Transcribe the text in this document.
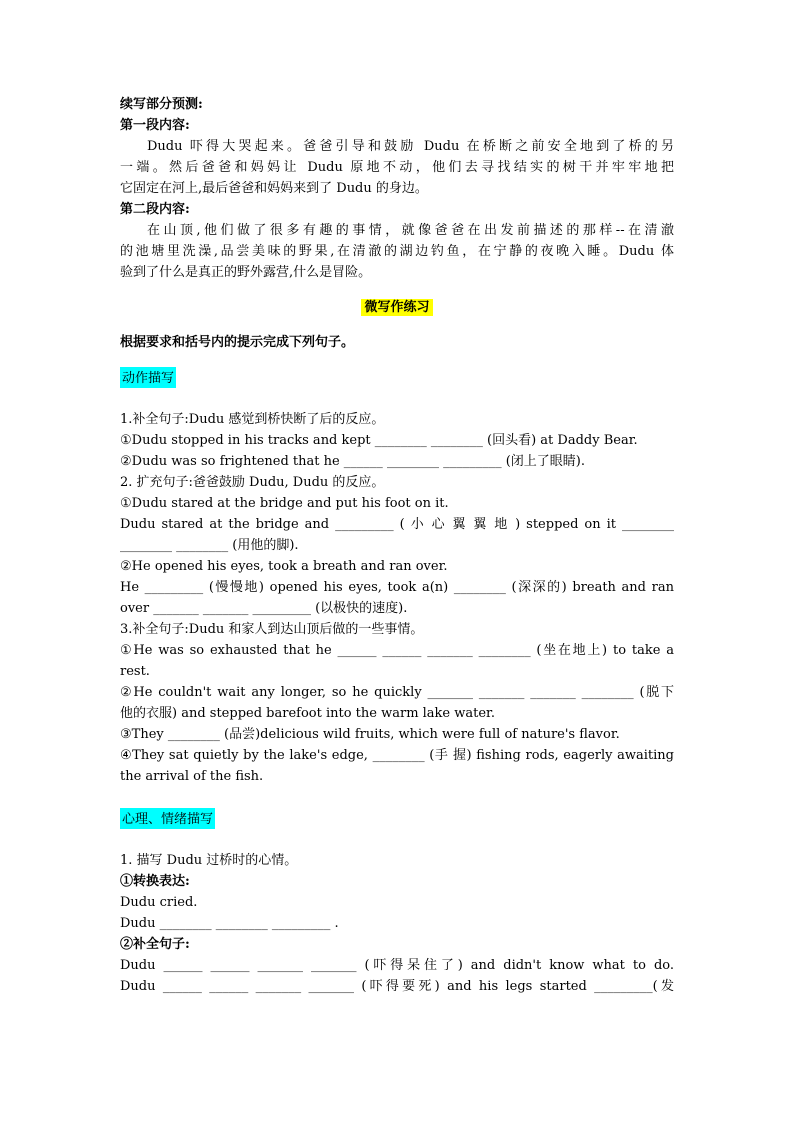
续写部分预测:
第一段内容:
Dudu 吓得大哭起来。爸爸引导和鼓励 Dudu 在桥断之前安全地到了桥的另
一端。然后爸爸和妈妈让 Dudu 原地不动，他们去寻找结实的树干并牢牢地把
它固定在河上,最后爸爸和妈妈来到了 Dudu 的身边。
第二段内容:
在山顶,他们做了很多有趣的事情，就像爸爸在出发前描述的那样--在清澈
的池塘里洗澡,品尝美味的野果,在清澈的湖边钓鱼，在宁静的夜晚入睡。Dudu 体
验到了什么是真正的野外露营,什么是冒险。
微写作练习
根据要求和括号内的提示完成下列句子。
动作描写
1.补全句子:Dudu 感觉到桥快断了后的反应。
①Dudu stopped in his tracks and kept ________ ________ (回头看) at Daddy Bear.
②Dudu was so frightened that he ______ ________ _________ (闭上了眼睛).
2. 扩充句子:爸爸鼓励 Dudu, Dudu 的反应。
①Dudu stared at the bridge and put his foot on it.
Dudu stared at the bridge and _________ ( 小 心 翼 翼 地 ) stepped on it ________
________ ________ (用他的脚).
②He opened his eyes, took a breath and ran over.
He _________ (慢慢地) opened his eyes, took a(n) ________ (深深的) breath and ran
over _______ _______ _________ (以极快的速度).
3.补全句子:Dudu 和家人到达山顶后做的一些事情。
①He was so exhausted that he ______ ______ _______ ________ (坐在地上) to take a
rest.
②He couldn't wait any longer, so he quickly _______ _______ _______ ________ (脱下
他的衣服) and stepped barefoot into the warm lake water.
③They ________ (品尝)delicious wild fruits, which were full of nature's flavor.
④They sat quietly by the lake's edge, ________ (手 握) fishing rods, eagerly awaiting
the arrival of the fish.
心理、情绪描写
1. 描写 Dudu 过桥时的心情。
①转换表达:
Dudu cried.
Dudu ________ ________ _________ .
②补全句子:
Dudu ______ ______ _______ _______ (吓得呆住了) and didn't know what to do.
Dudu ______ ______ _______ _______ (吓得要死) and his legs started _________(发
